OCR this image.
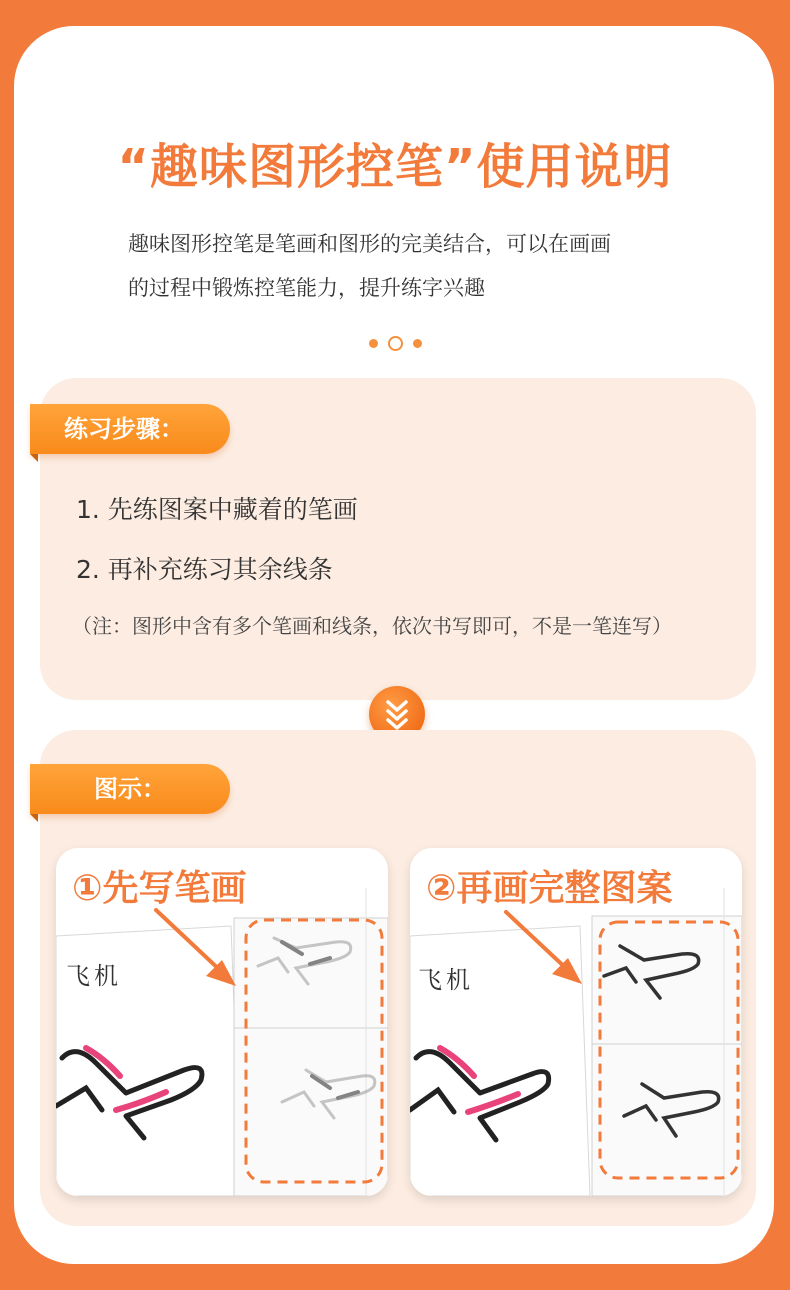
“趣味图形控笔”使用说明
趣味图形控笔是笔画和图形的完美结合，可以在画画
的过程中锻炼控笔能力，提升练字兴趣
练习步骤：
1. 先练图案中藏着的笔画
2. 再补充练习其余线条
（注：图形中含有多个笔画和线条，依次书写即可，不是一笔连写）
图示：
①先写笔画
飞机
②再画完整图案
飞机
